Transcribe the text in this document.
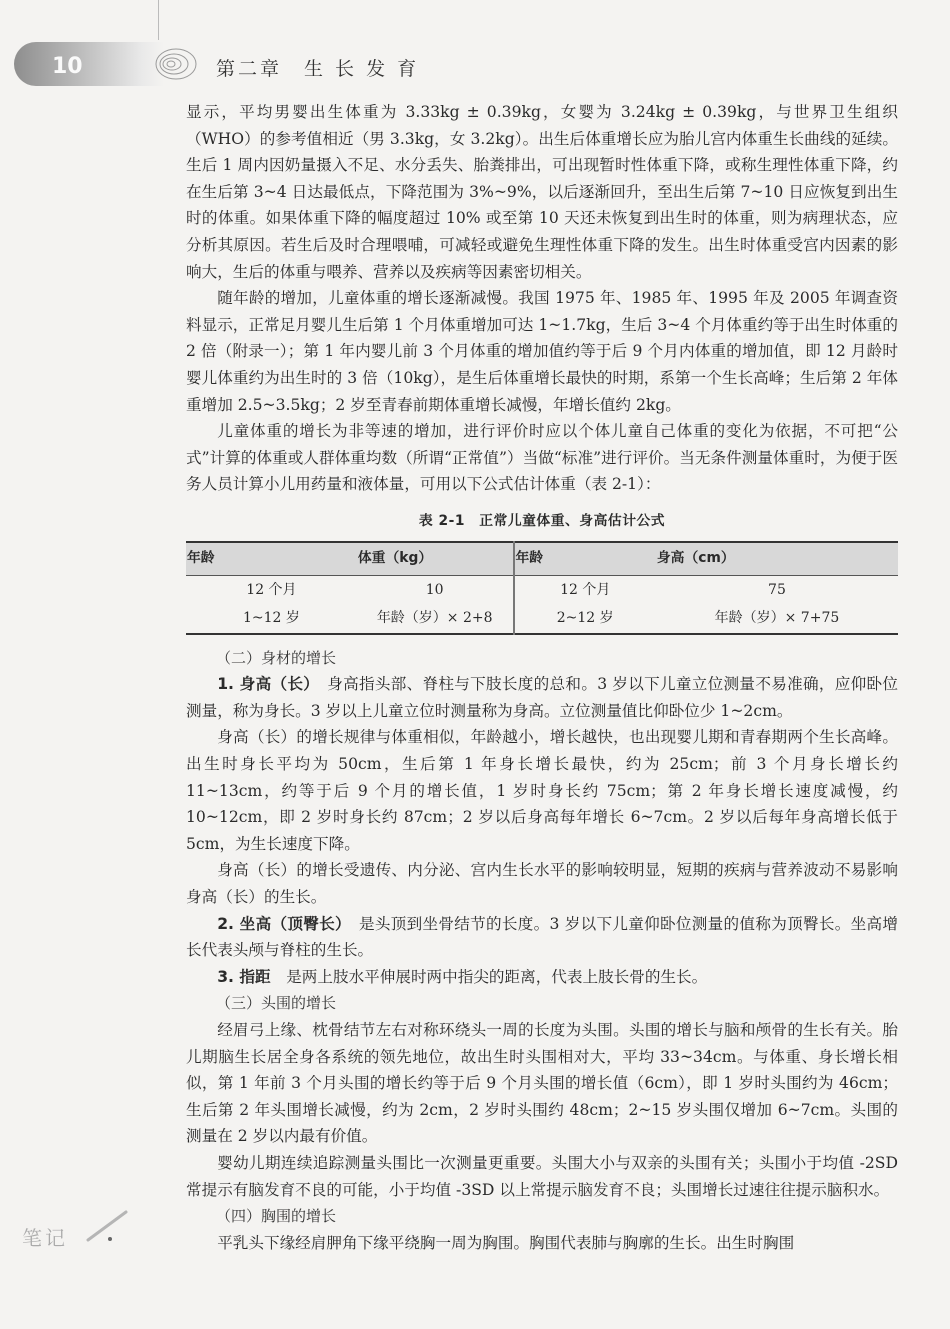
10	第二章　生 长 发 育

显示，平均男婴出生体重为 3.33kg ± 0.39kg，女婴为 3.24kg ± 0.39kg，与世界卫生组织（WHO）的参考值相近（男 3.3kg，女 3.2kg）。出生后体重增长应为胎儿宫内体重生长曲线的延续。生后 1 周内因奶量摄入不足、水分丢失、胎粪排出，可出现暂时性体重下降，或称生理性体重下降，约在生后第 3~4 日达最低点，下降范围为 3%~9%，以后逐渐回升，至出生后第 7~10 日应恢复到出生时的体重。如果体重下降的幅度超过 10% 或至第 10 天还未恢复到出生时的体重，则为病理状态，应分析其原因。若生后及时合理喂哺，可减轻或避免生理性体重下降的发生。出生时体重受宫内因素的影响大，生后的体重与喂养、营养以及疾病等因素密切相关。

随年龄的增加，儿童体重的增长逐渐减慢。我国 1975 年、1985 年、1995 年及 2005 年调查资料显示，正常足月婴儿生后第 1 个月体重增加可达 1~1.7kg，生后 3~4 个月体重约等于出生时体重的 2 倍（附录一）；第 1 年内婴儿前 3 个月体重的增加值约等于后 9 个月内体重的增加值，即 12 月龄时婴儿体重约为出生时的 3 倍（10kg），是生后体重增长最快的时期，系第一个生长高峰；生后第 2 年体重增加 2.5~3.5kg；2 岁至青春前期体重增长减慢，年增长值约 2kg。

儿童体重的增长为非等速的增加，进行评价时应以个体儿童自己体重的变化为依据，不可把“公式”计算的体重或人群体重均数（所谓“正常值”）当做“标准”进行评价。当无条件测量体重时，为便于医务人员计算小儿用药量和液体量，可用以下公式估计体重（表 2-1）：

表 2-1　正常儿童体重、身高估计公式
年龄	体重（kg）	年龄	身高（cm）
12 个月	10	12 个月	75
1~12 岁	年龄（岁）× 2+8	2~12 岁	年龄（岁）× 7+75

（二）身材的增长

1. 身高（长）　 身高指头部、脊柱与下肢长度的总和。3 岁以下儿童立位测量不易准确，应仰卧位测量，称为身长。3 岁以上儿童立位时测量称为身高。立位测量值比仰卧位少 1~2cm。

身高（长）的增长规律与体重相似，年龄越小，增长越快，也出现婴儿期和青春期两个生长高峰。出生时身长平均为 50cm，生后第 1 年身长增长最快，约为 25cm；前 3 个月身长增长约 11~13cm，约等于后 9 个月的增长值，1 岁时身长约 75cm；第 2 年身长增长速度减慢，约 10~12cm，即 2 岁时身长约 87cm；2 岁以后身高每年增长 6~7cm。2 岁以后每年身高增长低于 5cm，为生长速度下降。

身高（长）的增长受遗传、内分泌、宫内生长水平的影响较明显，短期的疾病与营养波动不易影响身高（长）的生长。

2. 坐高（顶臀长）　 是头顶到坐骨结节的长度。3 岁以下儿童仰卧位测量的值称为顶臀长。坐高增长代表头颅与脊柱的生长。

3. 指距　 是两上肢水平伸展时两中指尖的距离，代表上肢长骨的生长。

（三）头围的增长

经眉弓上缘、枕骨结节左右对称环绕头一周的长度为头围。头围的增长与脑和颅骨的生长有关。胎儿期脑生长居全身各系统的领先地位，故出生时头围相对大，平均 33~34cm。与体重、身长增长相似，第 1 年前 3 个月头围的增长约等于后 9 个月头围的增长值（6cm），即 1 岁时头围约为 46cm；生后第 2 年头围增长减慢，约为 2cm，2 岁时头围约 48cm；2~15 岁头围仅增加 6~7cm。头围的测量在 2 岁以内最有价值。

婴幼儿期连续追踪测量头围比一次测量更重要。头围大小与双亲的头围有关；头围小于均值 -2SD 常提示有脑发育不良的可能，小于均值 -3SD 以上常提示脑发育不良；头围增长过速往往提示脑积水。

（四）胸围的增长

平乳头下缘经肩胛角下缘平绕胸一周为胸围。胸围代表肺与胸廓的生长。出生时胸围

笔记
